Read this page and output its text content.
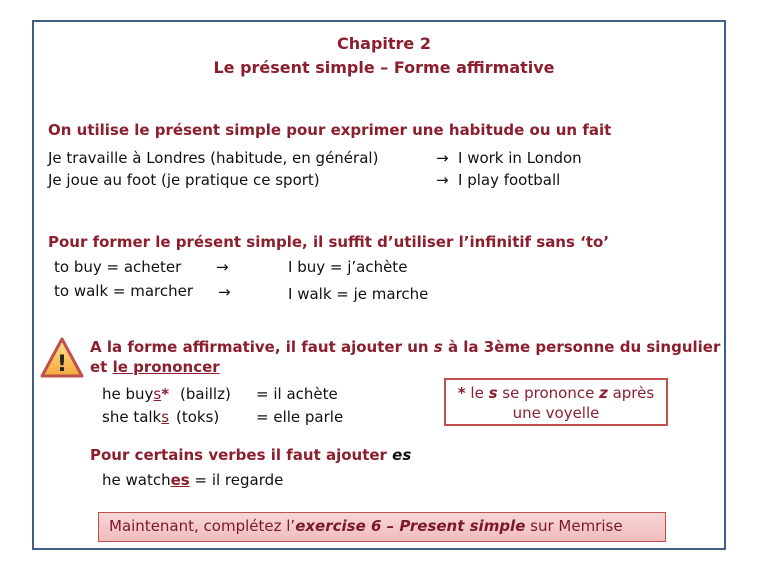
Chapitre 2
Le présent simple – Forme affirmative
On utilise le présent simple pour exprimer une habitude ou un fait
Je travaille à Londres (habitude, en général)	→ I work in London
Je joue au foot (je pratique ce sport)	→ I play football
Pour former le présent simple, il suffit d’utiliser l’infinitif sans ‘to’
to buy = acheter →	I buy = j’achète
to walk = marcher →	I walk = je marche
!
A la forme affirmative, il faut ajouter un s à la 3ème personne du singulier
et le prononcer
he buys* (baillz) = il achète
she talks (toks) = elle parle
* le s se prononce z après
une voyelle
Pour certains verbes il faut ajouter es
he watches = il regarde
Maintenant, complétez l’exercise 6 – Present simple sur Memrise
